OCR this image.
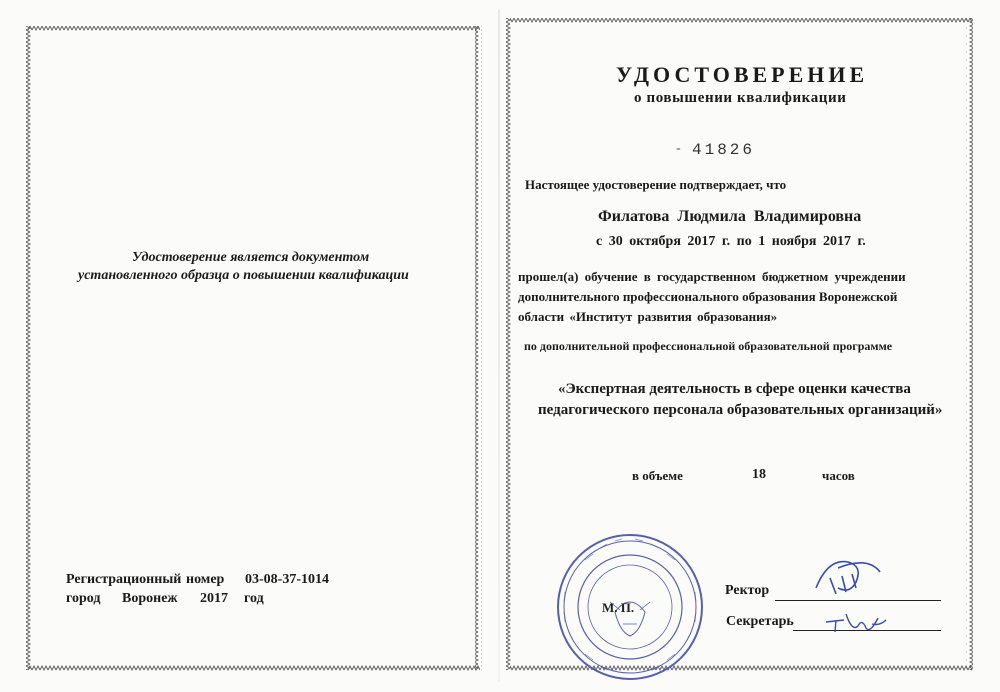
Удостоверение является документом
установленного образца о повышении квалификации
Регистрационный номер 03-08-37-1014
город Воронеж 2017 год
УДОСТОВЕРЕНИЕ
о повышении квалификации
- 41826
Настоящее удостоверение подтверждает, что
Филатова Людмила Владимировна
с 30 октября 2017 г. по 1 ноября 2017 г.
прошел(а) обучение в государственном бюджетном учреждении
дополнительного профессионального образования Воронежской
области «Институт развития образования»
по дополнительной профессиональной образовательной программе
«Экспертная деятельность в сфере оценки качества
педагогического персонала образовательных организаций»
в объеме	18	часов
М. П.
Ректор
Секретарь
